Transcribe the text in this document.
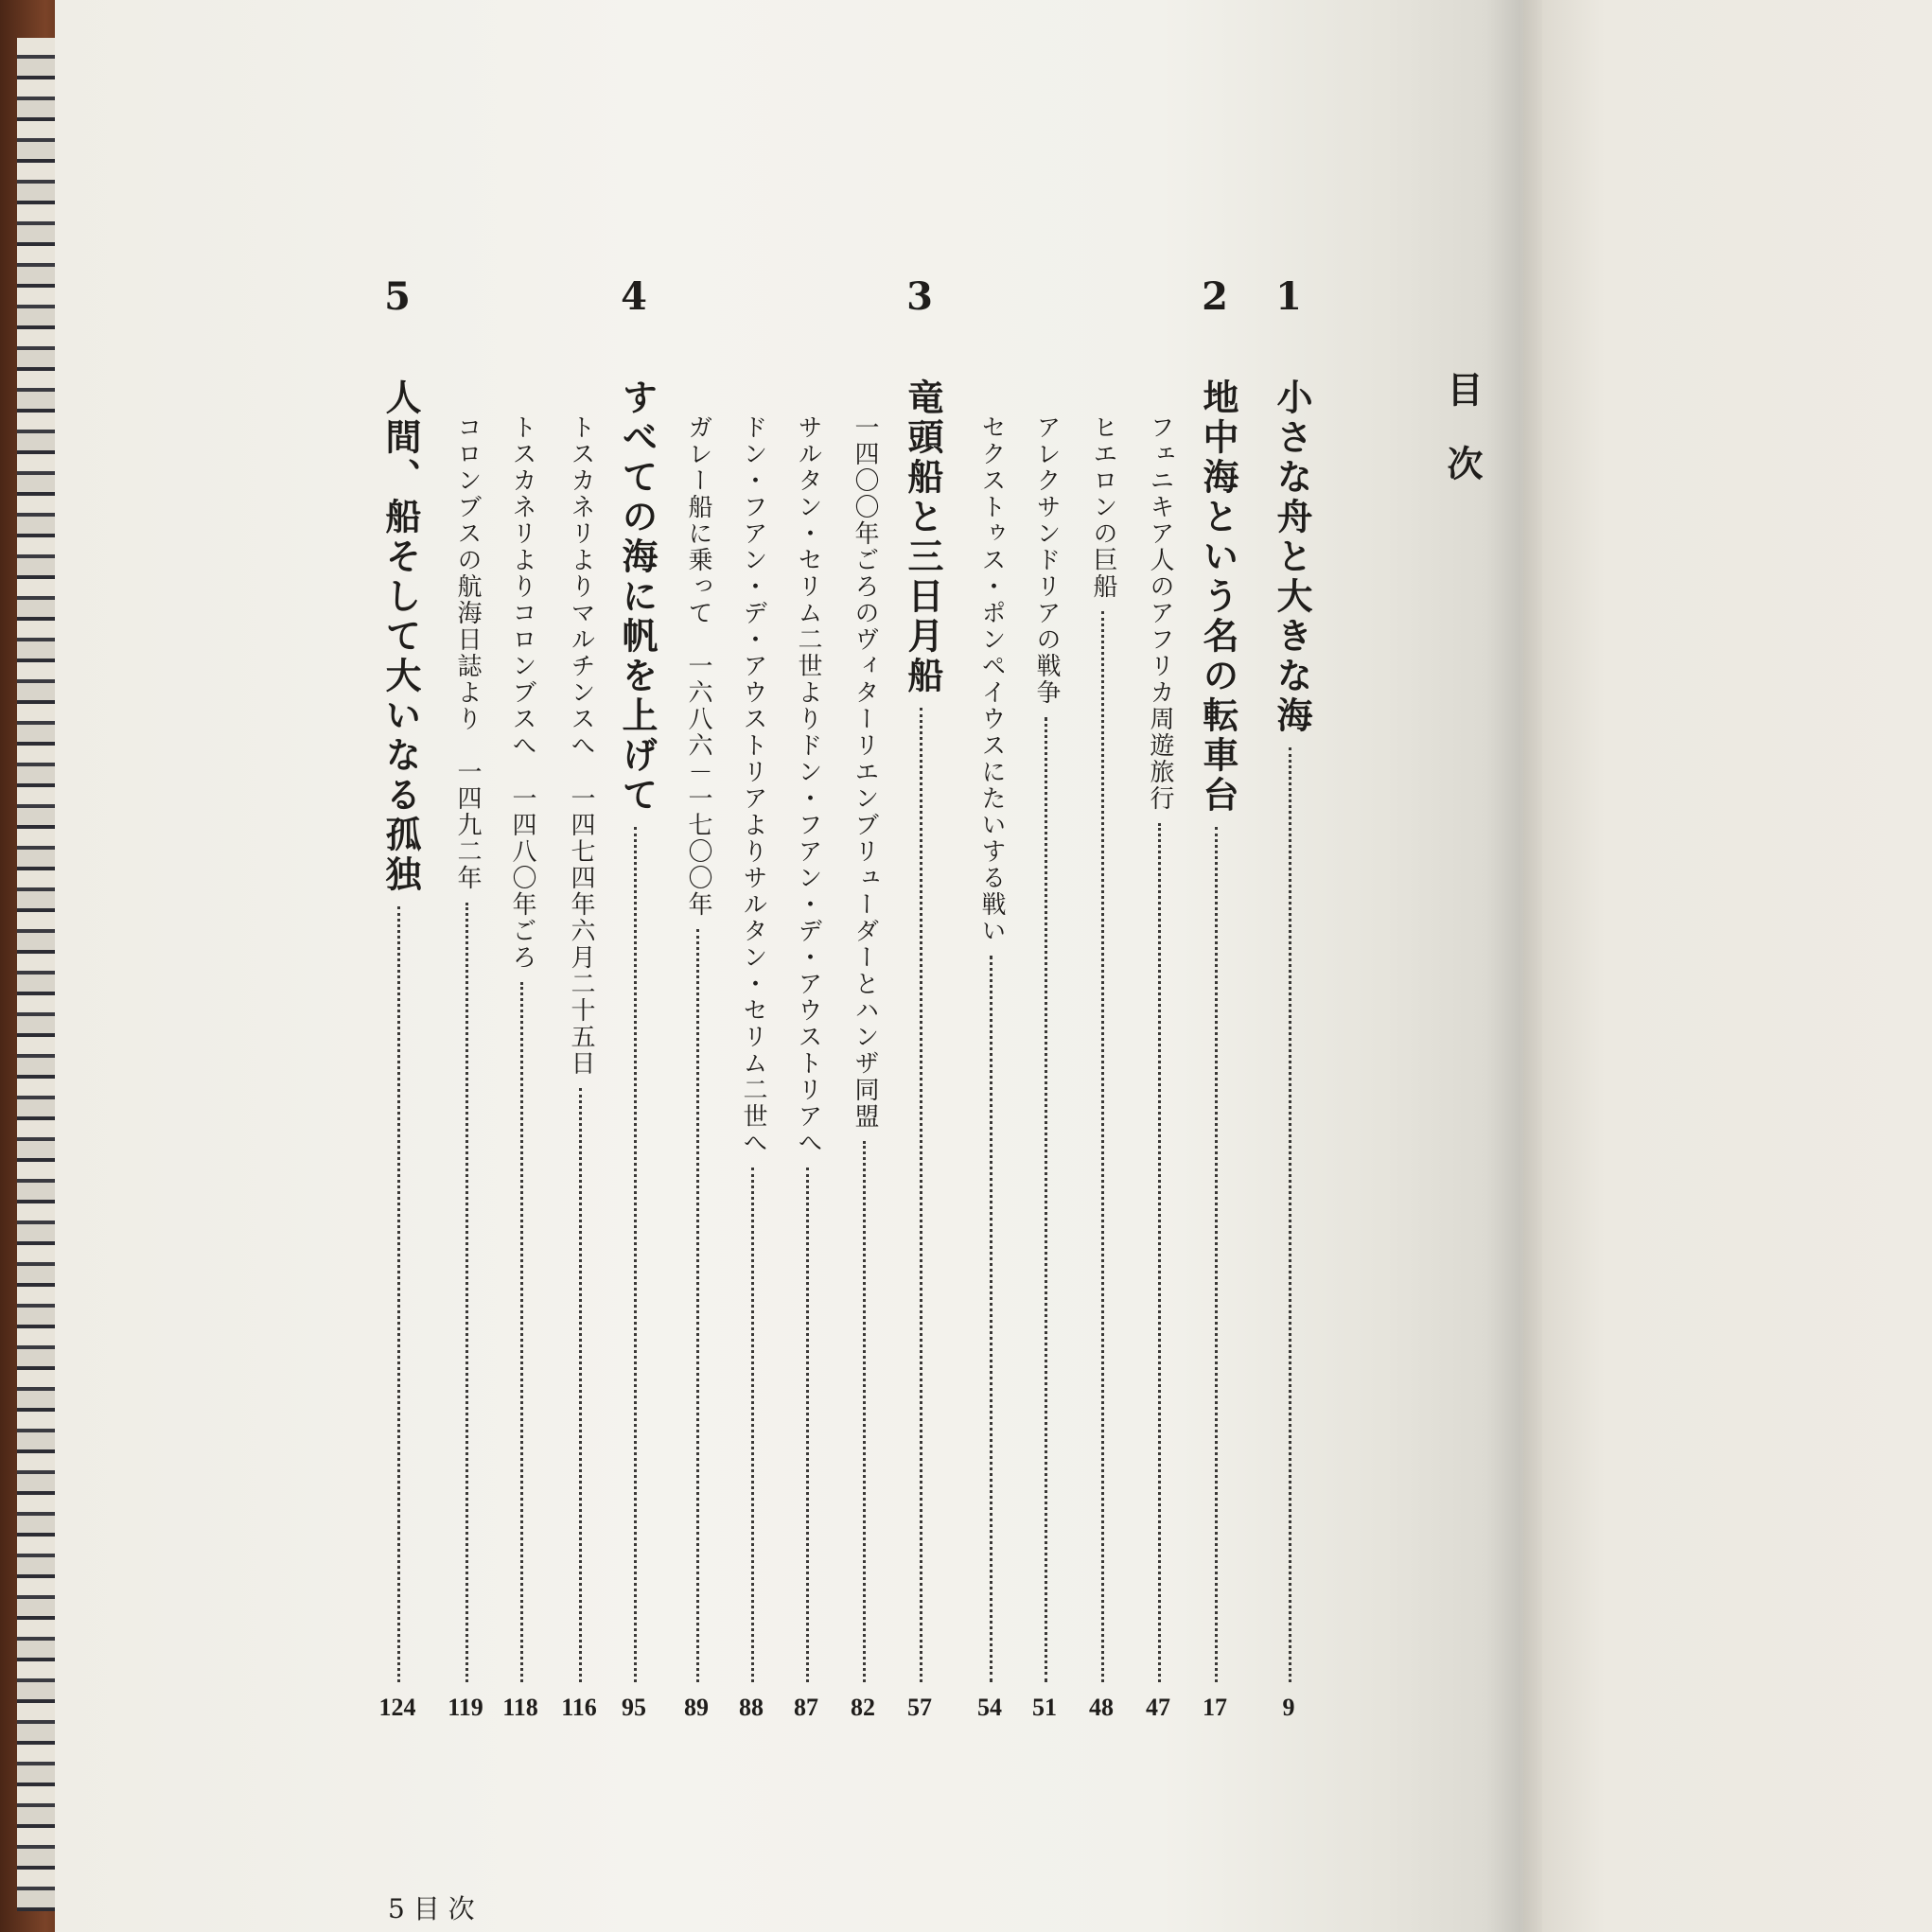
目次
1
小さな舟と大きな海
9
2
地中海という名の転車台
17
フェニキア人のアフリカ周遊旅行
47
ヒエロンの巨船
48
アレクサンドリアの戦争
51
セクストゥス・ポンペイウスにたいする戦い
54
3
竜頭船と三日月船
57
一四〇〇年ごろのヴィターリエンブリューダーとハンザ同盟
82
サルタン・セリム二世よりドン・フアン・デ・アウストリアへ
87
ドン・フアン・デ・アウストリアよりサルタン・セリム二世へ
88
ガレー船に乗って　一六八六－一七〇〇年
89
4
すべての海に帆を上げて
95
トスカネリよりマルチンスへ　一四七四年六月二十五日
116
トスカネリよりコロンブスへ　一四八〇年ごろ
118
コロンブスの航海日誌より　一四九二年
119
5
人間、船そして大いなる孤独
124
5 目 次
